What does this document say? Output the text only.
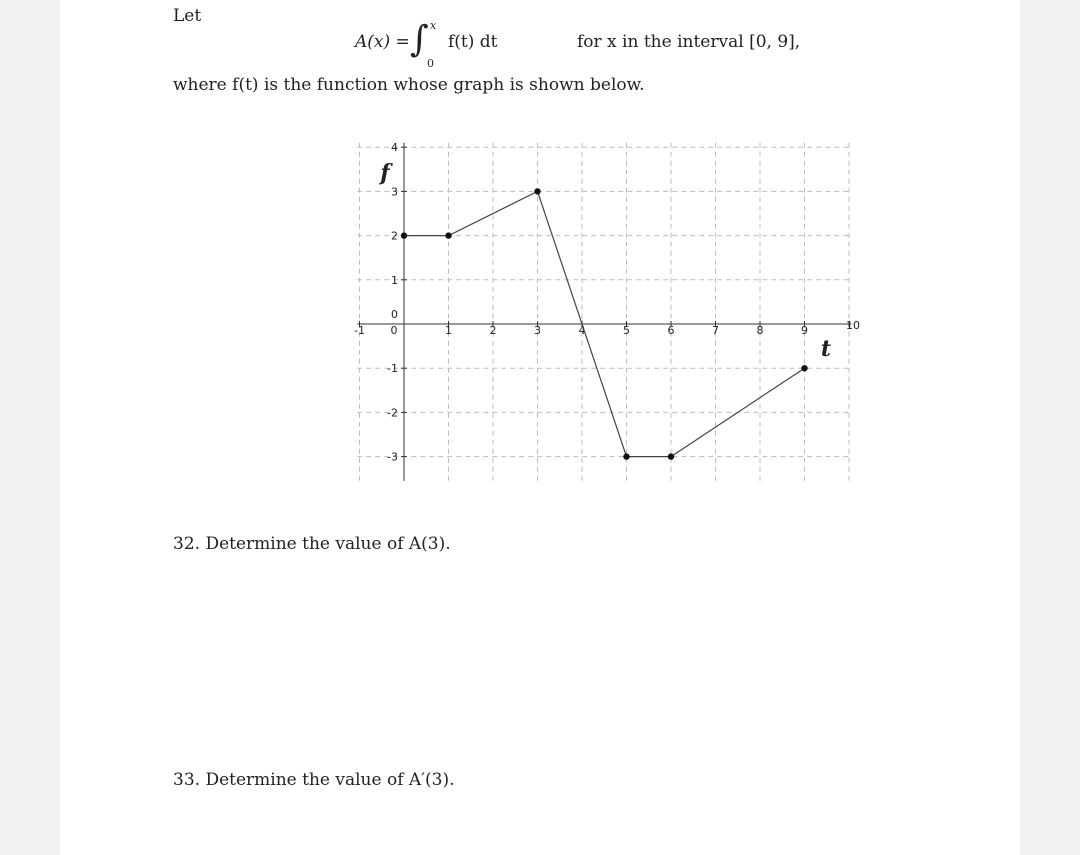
Let
A(x) = ∫ x
0
f(t) dt	for x in the interval [0, 9],
where f(t) is the function whose graph is shown below.
-1 0	1	2	3	4	5	6	7	8	9	10
-3
-2
-1
0
1
2
3
4
f
t
32. Determine the value of A(3).
33. Determine the value of A′(3).
